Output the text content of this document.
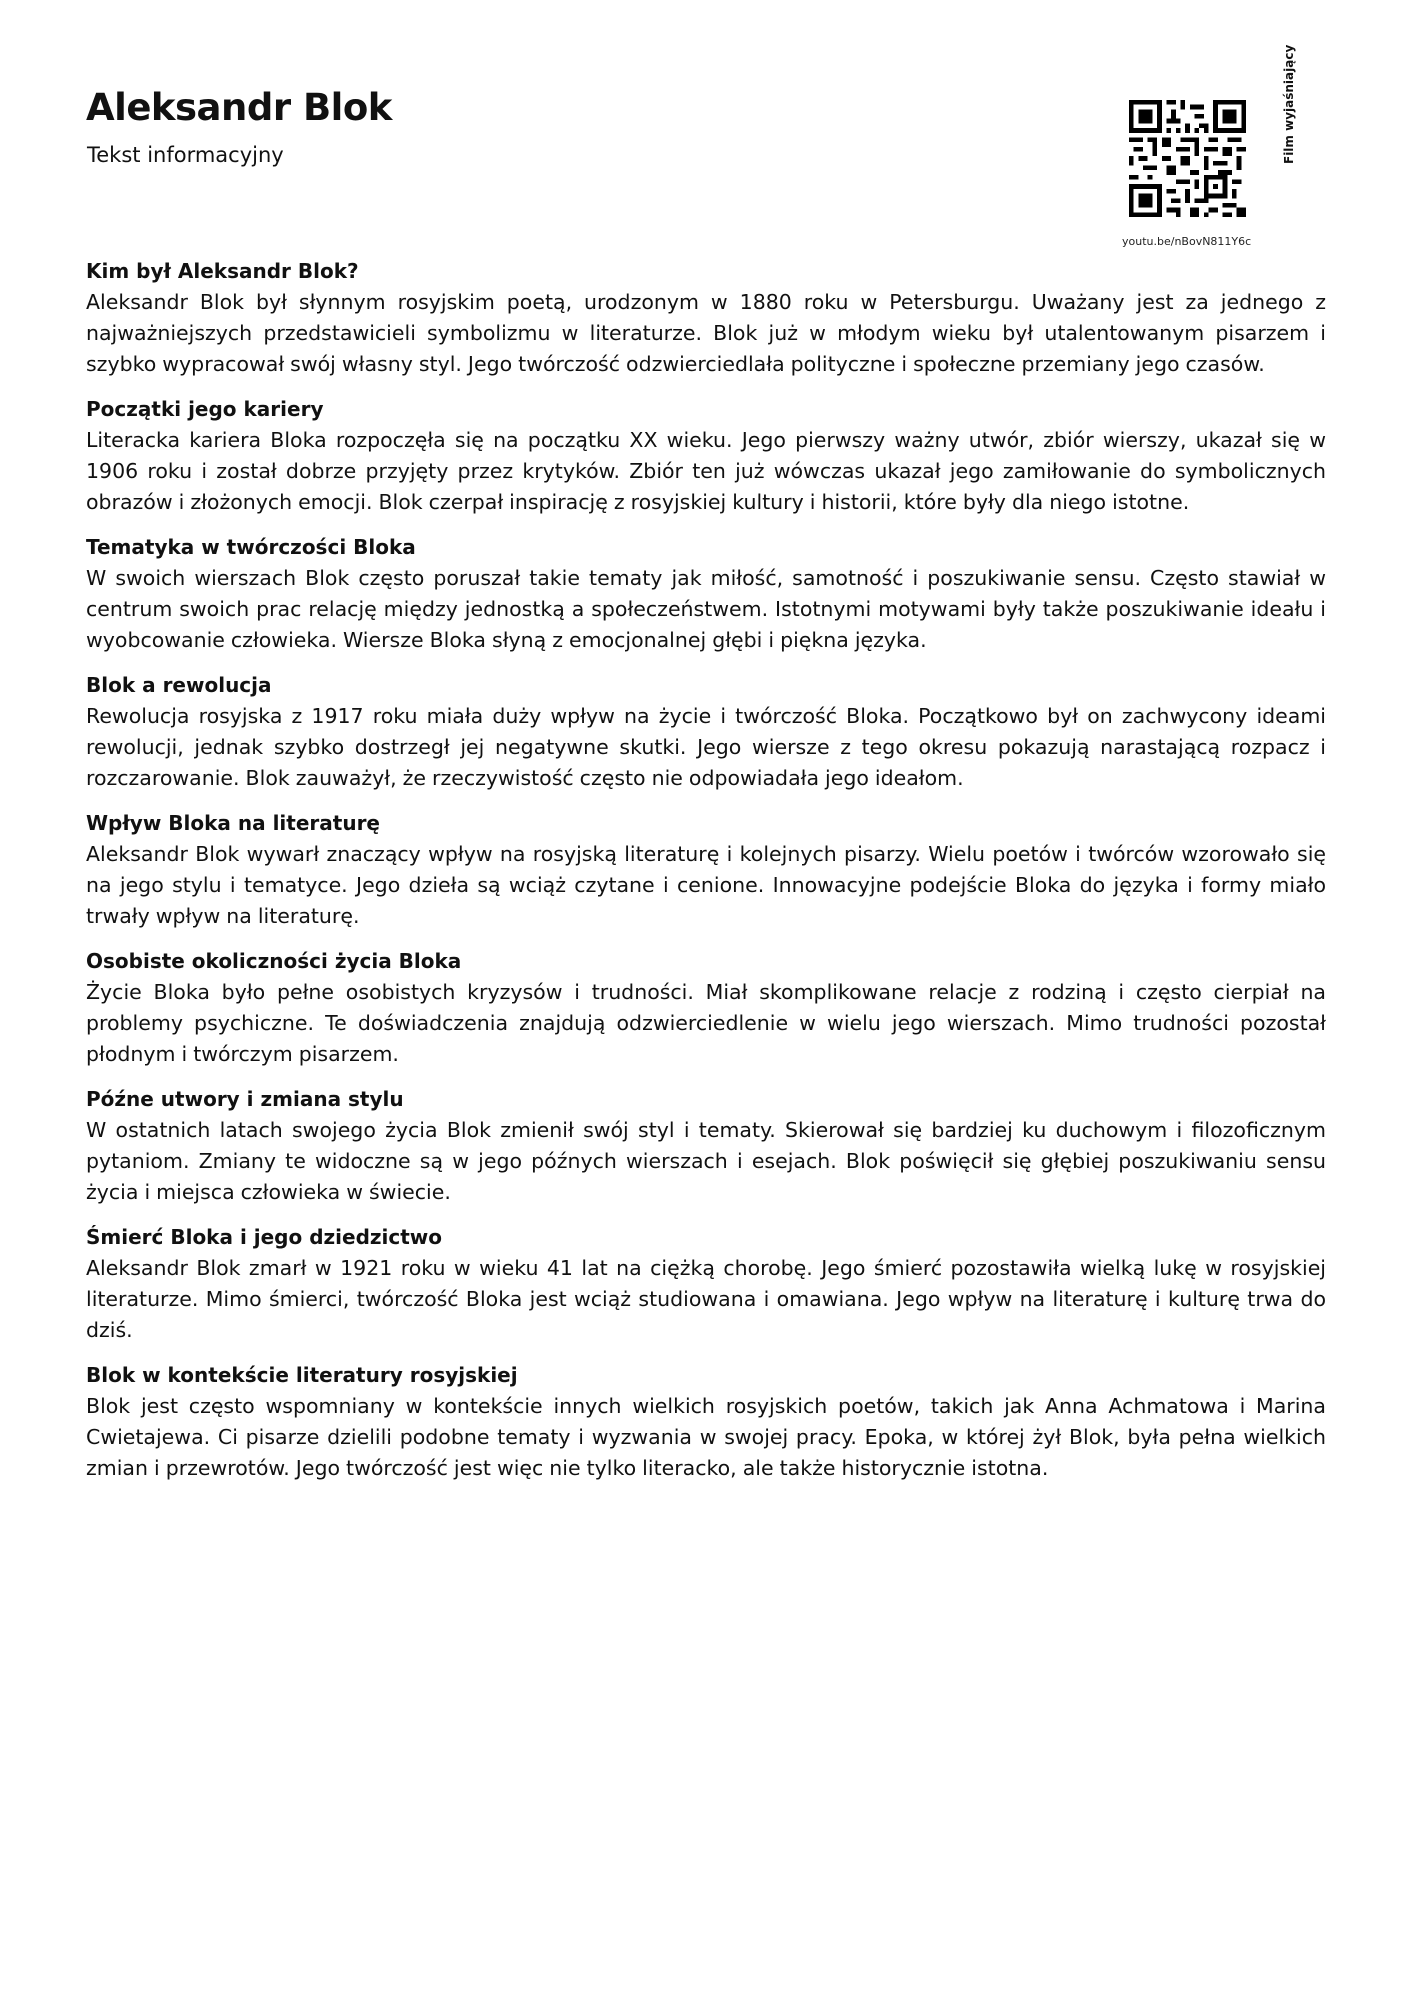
Aleksandr Blok
Tekst informacyjny	Film wyjaśniający
youtu.be/nBovN811Y6c
Kim był Aleksandr Blok?

Aleksandr Blok był słynnym rosyjskim poetą, urodzonym w 1880 roku w Petersburgu. Uważany jest za jednego z najważniejszych przedstawicieli symbolizmu w literaturze. Blok już w młodym wieku był utalentowanym pisarzem i szybko wypracował swój własny styl. Jego twórczość odzwierciedlała polityczne i społeczne przemiany jego czasów.

Początki jego kariery

Literacka kariera Bloka rozpoczęła się na początku XX wieku. Jego pierwszy ważny utwór, zbiór wierszy, ukazał się w 1906 roku i został dobrze przyjęty przez krytyków. Zbiór ten już wówczas ukazał jego zamiłowanie do symbolicznych obrazów i złożonych emocji. Blok czerpał inspirację z rosyjskiej kultury i historii, które były dla niego istotne.

Tematyka w twórczości Bloka

W swoich wierszach Blok często poruszał takie tematy jak miłość, samotność i poszukiwanie sensu. Często stawiał w centrum swoich prac relację między jednostką a społeczeństwem. Istotnymi motywami były także poszukiwanie ideału i wyobcowanie człowieka. Wiersze Bloka słyną z emocjonalnej głębi i piękna języka.

Blok a rewolucja

Rewolucja rosyjska z 1917 roku miała duży wpływ na życie i twórczość Bloka. Początkowo był on zachwycony ideami rewolucji, jednak szybko dostrzegł jej negatywne skutki. Jego wiersze z tego okresu pokazują narastającą rozpacz i rozczarowanie. Blok zauważył, że rzeczywistość często nie odpowiadała jego ideałom.

Wpływ Bloka na literaturę

Aleksandr Blok wywarł znaczący wpływ na rosyjską literaturę i kolejnych pisarzy. Wielu poetów i twórców wzorowało się na jego stylu i tematyce. Jego dzieła są wciąż czytane i cenione. Innowacyjne podejście Bloka do języka i formy miało trwały wpływ na literaturę.

Osobiste okoliczności życia Bloka

Życie Bloka było pełne osobistych kryzysów i trudności. Miał skomplikowane relacje z rodziną i często cierpiał na problemy psychiczne. Te doświadczenia znajdują odzwierciedlenie w wielu jego wierszach. Mimo trudności pozostał płodnym i twórczym pisarzem.

Późne utwory i zmiana stylu

W ostatnich latach swojego życia Blok zmienił swój styl i tematy. Skierował się bardziej ku duchowym i filozoficznym pytaniom. Zmiany te widoczne są w jego późnych wierszach i esejach. Blok poświęcił się głębiej poszukiwaniu sensu życia i miejsca człowieka w świecie.

Śmierć Bloka i jego dziedzictwo

Aleksandr Blok zmarł w 1921 roku w wieku 41 lat na ciężką chorobę. Jego śmierć pozostawiła wielką lukę w rosyjskiej literaturze. Mimo śmierci, twórczość Bloka jest wciąż studiowana i omawiana. Jego wpływ na literaturę i kulturę trwa do dziś.

Blok w kontekście literatury rosyjskiej

Blok jest często wspomniany w kontekście innych wielkich rosyjskich poetów, takich jak Anna Achmatowa i Marina Cwietajewa. Ci pisarze dzielili podobne tematy i wyzwania w swojej pracy. Epoka, w której żył Blok, była pełna wielkich zmian i przewrotów. Jego twórczość jest więc nie tylko literacko, ale także historycznie istotna.
